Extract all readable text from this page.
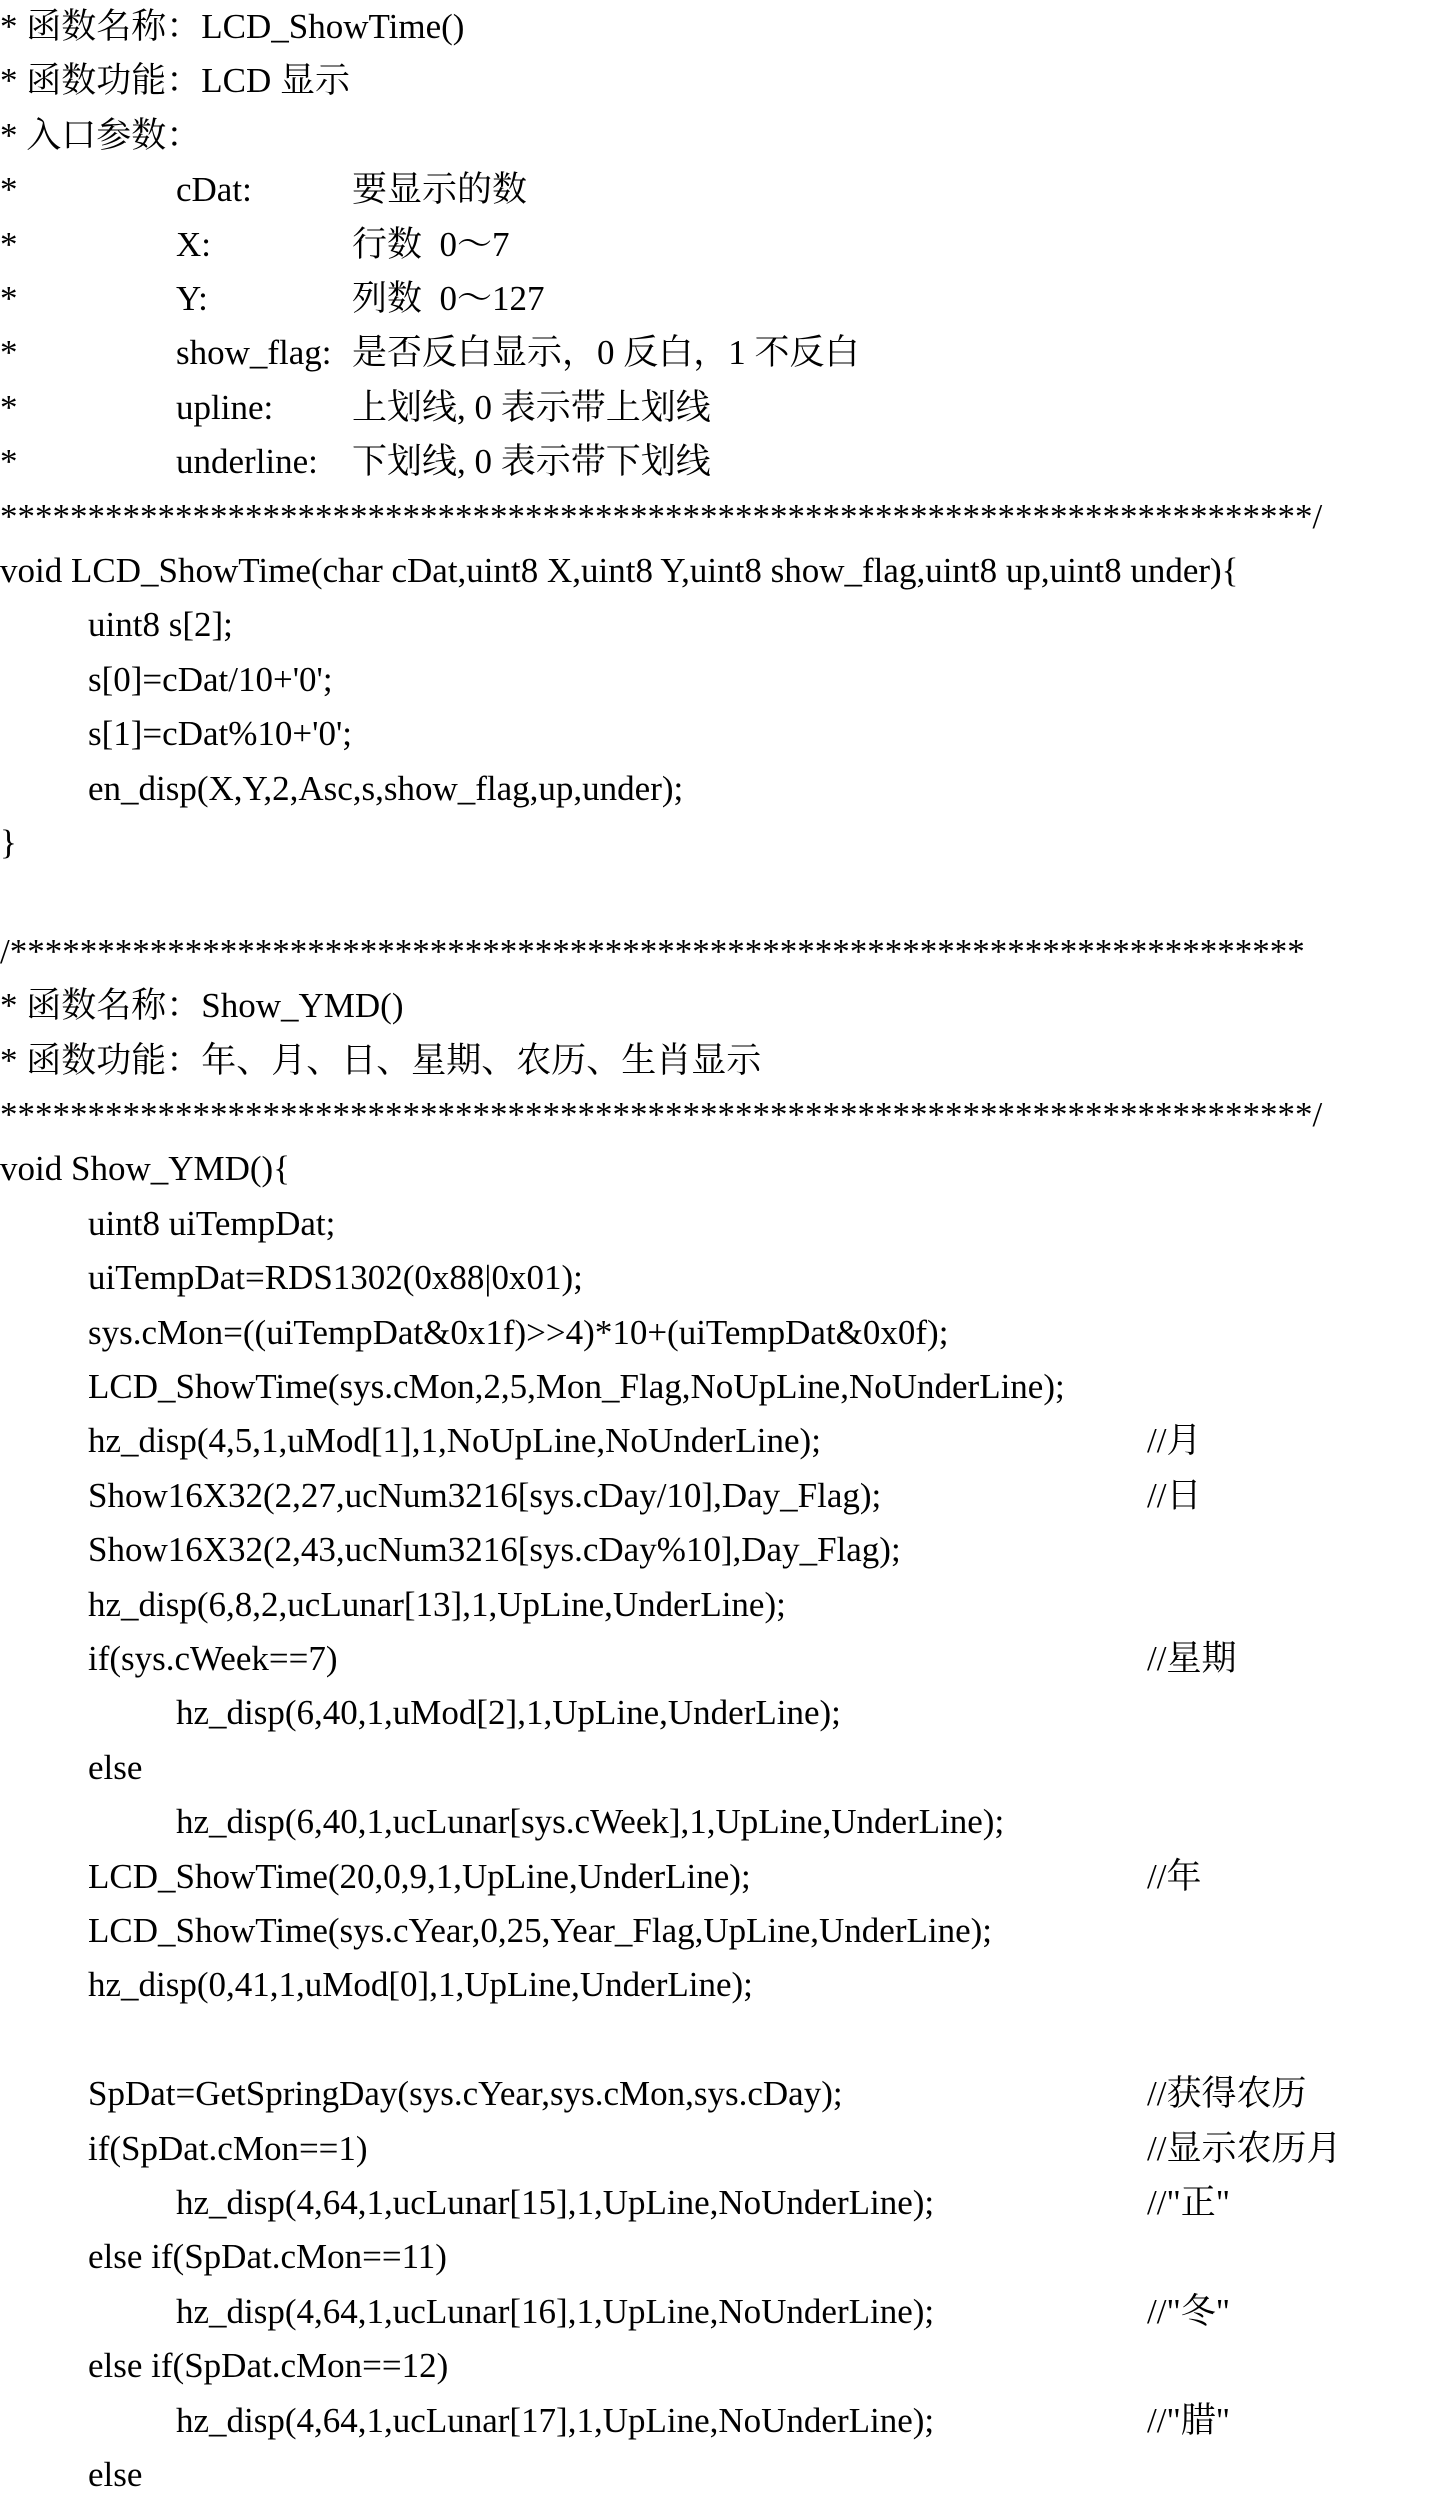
* 函数名称：LCD_ShowTime()
* 函数功能：LCD 显示
* 入口参数：
*	cDat:	要显示的数
*	X:	行数  0～7
*	Y:	列数  0～127
*	show_flag: 是否反白显示，0 反白，1 不反白
*	upline: 上划线, 0 表示带上划线
*	underline: 下划线, 0 表示带下划线
***************************************************************************/
void LCD_ShowTime(char cDat,uint8 X,uint8 Y,uint8 show_flag,uint8 up,uint8 under){
uint8 s[2];
s[0]=cDat/10+'0';
s[1]=cDat%10+'0';
en_disp(X,Y,2,Asc,s,show_flag,up,under);
}
/**************************************************************************
* 函数名称：Show_YMD()
* 函数功能：年、月、日、星期、农历、生肖显示
***************************************************************************/
void Show_YMD(){
uint8 uiTempDat;
uiTempDat=RDS1302(0x88|0x01);
sys.cMon=((uiTempDat&0x1f)>>4)*10+(uiTempDat&0x0f);
LCD_ShowTime(sys.cMon,2,5,Mon_Flag,NoUpLine,NoUnderLine);
hz_disp(4,5,1,uMod[1],1,NoUpLine,NoUnderLine);	//月
Show16X32(2,27,ucNum3216[sys.cDay/10],Day_Flag);	//日
Show16X32(2,43,ucNum3216[sys.cDay%10],Day_Flag);
hz_disp(6,8,2,ucLunar[13],1,UpLine,UnderLine);
if(sys.cWeek==7)	//星期
hz_disp(6,40,1,uMod[2],1,UpLine,UnderLine);
else
hz_disp(6,40,1,ucLunar[sys.cWeek],1,UpLine,UnderLine);
LCD_ShowTime(20,0,9,1,UpLine,UnderLine);	//年
LCD_ShowTime(sys.cYear,0,25,Year_Flag,UpLine,UnderLine);
hz_disp(0,41,1,uMod[0],1,UpLine,UnderLine);
SpDat=GetSpringDay(sys.cYear,sys.cMon,sys.cDay);	//获得农历
if(SpDat.cMon==1)	//显示农历月
hz_disp(4,64,1,ucLunar[15],1,UpLine,NoUnderLine);	//"正"
else if(SpDat.cMon==11)
hz_disp(4,64,1,ucLunar[16],1,UpLine,NoUnderLine);	//"冬"
else if(SpDat.cMon==12)
hz_disp(4,64,1,ucLunar[17],1,UpLine,NoUnderLine);	//"腊"
else
